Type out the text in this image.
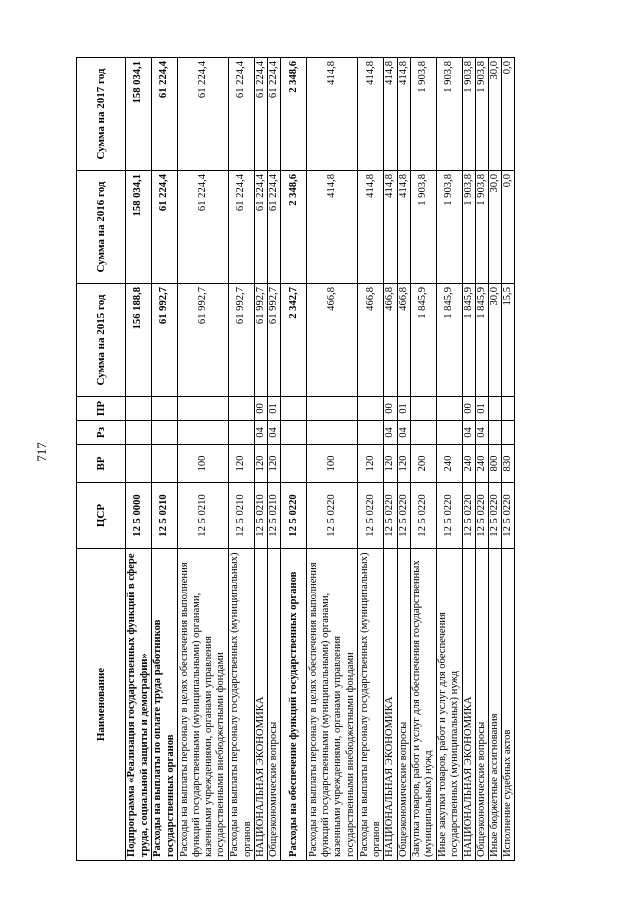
717
Наименование	ЦСР	ВР	Рз	ПР	Сумма на 2015 год	Сумма на 2016 год	Сумма на 2017 год
Подпрограмма «Реализация государственных функций в сфере труда, социальной защиты и демографии»	12 5 0000				156 188,8	158 034,1	158 034,1
Расходы на выплаты по оплате труда работников государственных органов	12 5 0210				61 992,7	61 224,4	61 224,4
Расходы на выплаты персоналу в целях обеспечения выполнения функций государственными (муниципальными) органами, казенными учреждениями, органами управления государственными внебюджетными фондами	12 5 0210	100			61 992,7	61 224,4	61 224,4
Расходы на выплаты персоналу государственных (муниципальных) органов	12 5 0210	120			61 992,7	61 224,4	61 224,4
НАЦИОНАЛЬНАЯ ЭКОНОМИКА	12 5 0210	120	04	00	61 992,7	61 224,4	61 224,4
Общеэкономические вопросы	12 5 0210	120	04	01	61 992,7	61 224,4	61 224,4
Расходы на обеспечение функций государственных органов	12 5 0220				2 342,7	2 348,6	2 348,6
Расходы на выплаты персоналу в целях обеспечения выполнения функций государственными (муниципальными) органами, казенными учреждениями, органами управления государственными внебюджетными фондами	12 5 0220	100			466,8	414,8	414,8
Расходы на выплаты персоналу государственных (муниципальных) органов	12 5 0220	120			466,8	414,8	414,8
НАЦИОНАЛЬНАЯ ЭКОНОМИКА	12 5 0220	120	04	00	466,8	414,8	414,8
Общеэкономические вопросы	12 5 0220	120	04	01	466,8	414,8	414,8
Закупка товаров, работ и услуг для обеспечения государственных (муниципальных) нужд	12 5 0220	200			1 845,9	1 903,8	1 903,8
Иные закупки товаров, работ и услуг для обеспечения государственных (муниципальных) нужд	12 5 0220	240			1 845,9	1 903,8	1 903,8
НАЦИОНАЛЬНАЯ ЭКОНОМИКА	12 5 0220	240	04	00	1 845,9	1 903,8	1 903,8
Общеэкономические вопросы	12 5 0220	240	04	01	1 845,9	1 903,8	1 903,8
Иные бюджетные ассигнования	12 5 0220	800			30,0	30,0	30,0
Исполнение судебных актов	12 5 0220	830			15,5	0,0	0,0
